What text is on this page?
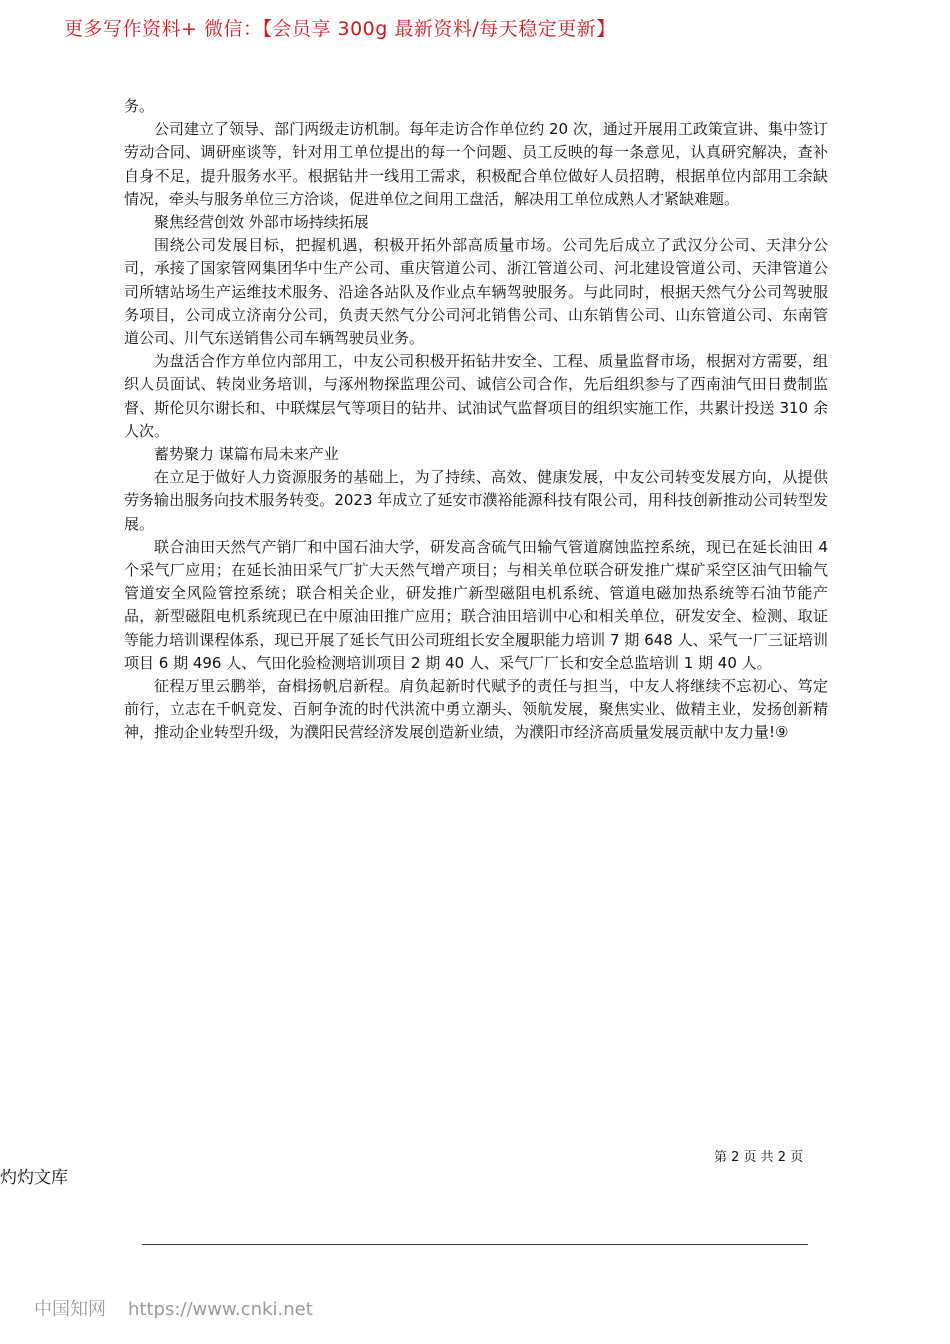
更多写作资料+ 微信：【会员享 300g 最新资料/每天稳定更新】

务。

公司建立了领导、部门两级走访机制。每年走访合作单位约 20 次，通过开展用工政策宣讲、集中签订劳动合同、调研座谈等，针对用工单位提出的每一个问题、员工反映的每一条意见，认真研究解决，查补自身不足，提升服务水平。根据钻井一线用工需求，积极配合单位做好人员招聘，根据单位内部用工余缺情况，牵头与服务单位三方洽谈，促进单位之间用工盘活，解决用工单位成熟人才紧缺难题。

聚焦经营创效 外部市场持续拓展

围绕公司发展目标，把握机遇，积极开拓外部高质量市场。公司先后成立了武汉分公司、天津分公司，承接了国家管网集团华中生产公司、重庆管道公司、浙江管道公司、河北建设管道公司、天津管道公司所辖站场生产运维技术服务、沿途各站队及作业点车辆驾驶服务。与此同时，根据天然气分公司驾驶服务项目，公司成立济南分公司，负责天然气分公司河北销售公司、山东销售公司、山东管道公司、东南管道公司、川气东送销售公司车辆驾驶员业务。

为盘活合作方单位内部用工，中友公司积极开拓钻井安全、工程、质量监督市场，根据对方需要，组织人员面试、转岗业务培训，与涿州物探监理公司、诚信公司合作，先后组织参与了西南油气田日费制监督、斯伦贝尔谢长和、中联煤层气等项目的钻井、试油试气监督项目的组织实施工作，共累计投送 310 余人次。

蓄势聚力 谋篇布局未来产业

在立足于做好人力资源服务的基础上，为了持续、高效、健康发展，中友公司转变发展方向，从提供劳务输出服务向技术服务转变。2023 年成立了延安市濮裕能源科技有限公司，用科技创新推动公司转型发展。

联合油田天然气产销厂和中国石油大学，研发高含硫气田输气管道腐蚀监控系统，现已在延长油田 4 个采气厂应用；在延长油田采气厂扩大天然气增产项目；与相关单位联合研发推广煤矿采空区油气田输气管道安全风险管控系统；联合相关企业，研发推广新型磁阻电机系统、管道电磁加热系统等石油节能产品，新型磁阻电机系统现已在中原油田推广应用；联合油田培训中心和相关单位，研发安全、检测、取证等能力培训课程体系，现已开展了延长气田公司班组长安全履职能力培训 7 期 648 人、采气一厂三证培训项目 6 期 496 人、气田化验检测培训项目 2 期 40 人、采气厂厂长和安全总监培训 1 期 40 人。

征程万里云鹏举，奋楫扬帆启新程。肩负起新时代赋予的责任与担当，中友人将继续不忘初心、笃定前行，立志在千帆竞发、百舸争流的时代洪流中勇立潮头、领航发展，聚焦实业、做精主业，发扬创新精神，推动企业转型升级，为濮阳民营经济发展创造新业绩，为濮阳市经济高质量发展贡献中友力量!⑨

第 2 页 共 2 页
灼灼文库
中国知网 https://www.cnki.net
